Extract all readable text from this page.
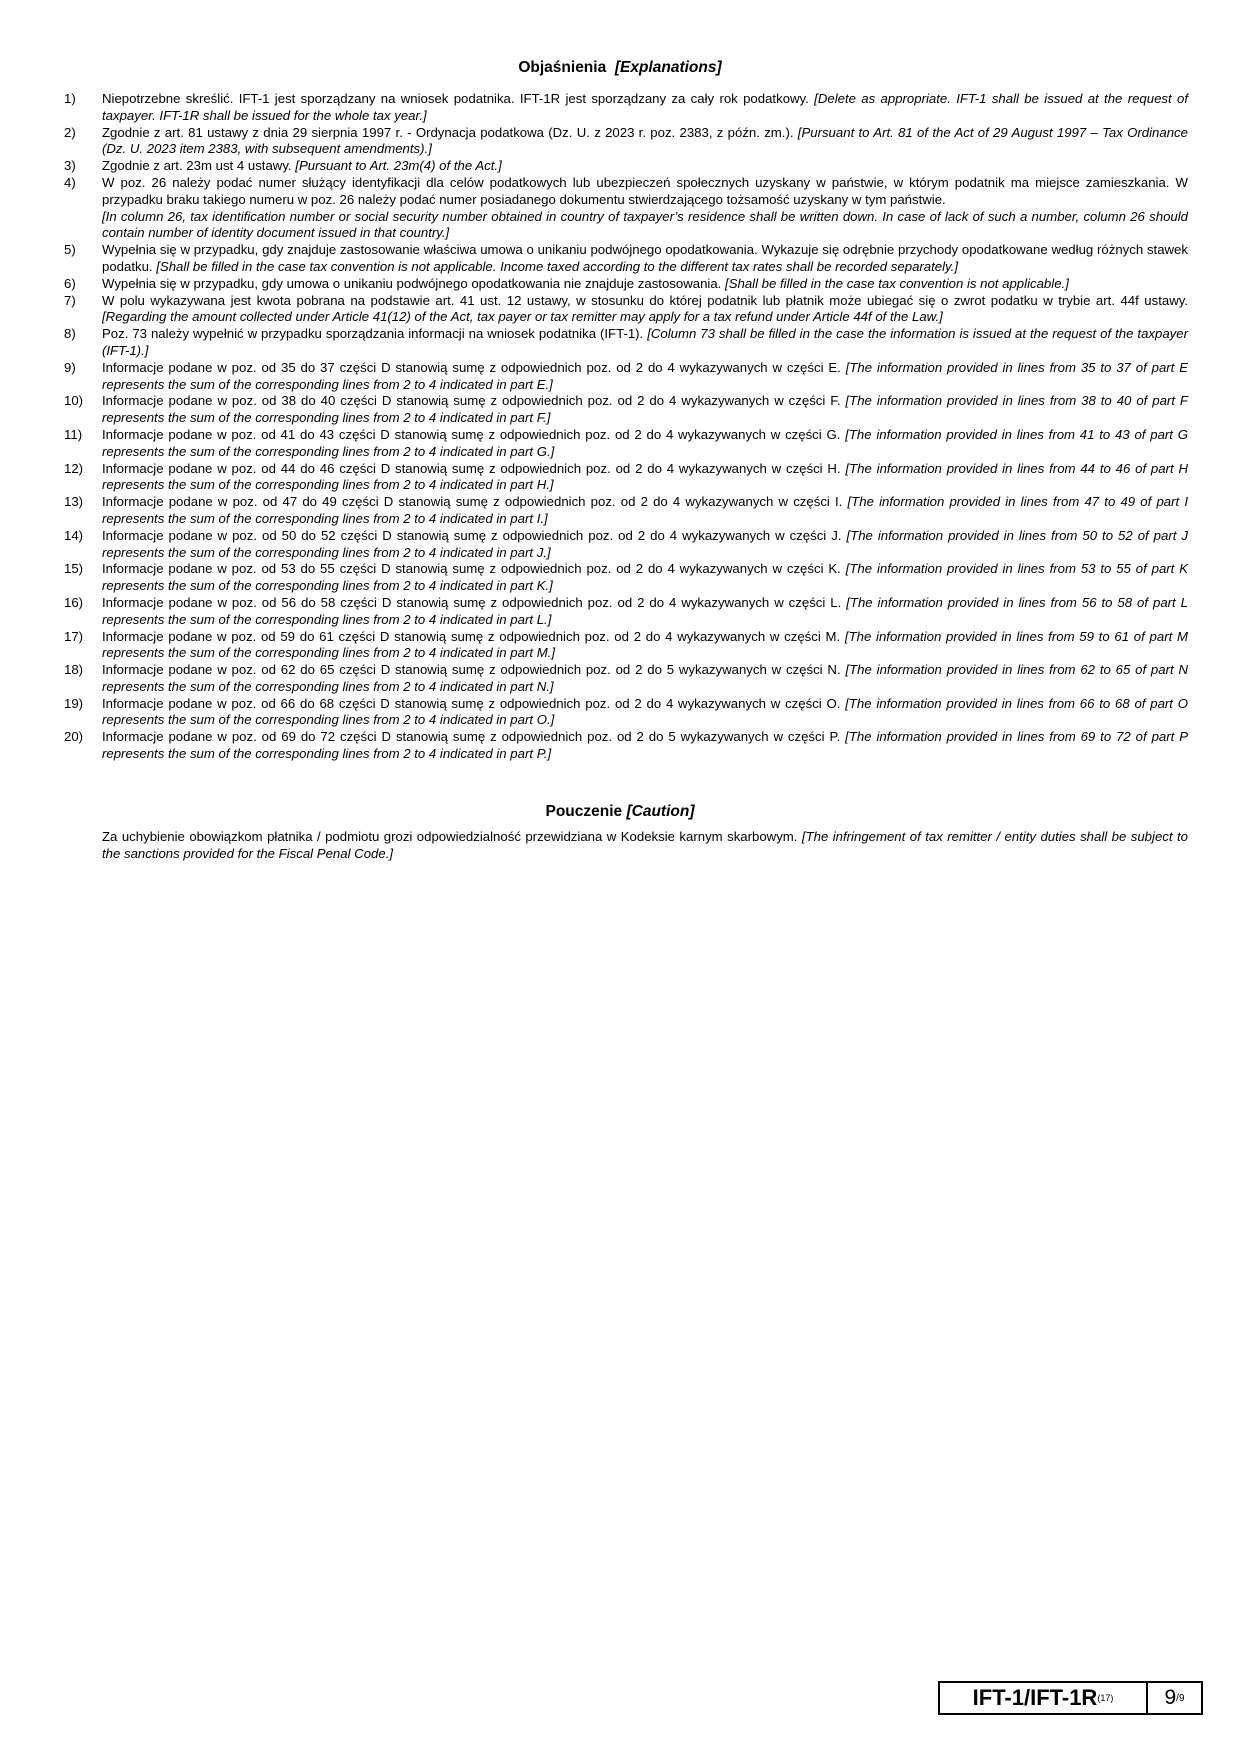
Objaśnienia [Explanations]
1)	Niepotrzebne skreślić. IFT-1 jest sporządzany na wniosek podatnika. IFT-1R jest sporządzany za cały rok podatkowy. [Delete as appropriate. IFT-1 shall be issued at the request of taxpayer. IFT-1R shall be issued for the whole tax year.]
2)	Zgodnie z art. 81 ustawy z dnia 29 sierpnia 1997 r. - Ordynacja podatkowa (Dz. U. z 2023 r. poz. 2383, z późn. zm.). [Pursuant to Art. 81 of the Act of 29 August 1997 – Tax Ordinance (Dz. U. 2023 item 2383, with subsequent amendments).]
3)	Zgodnie z art. 23m ust 4 ustawy. [Pursuant to Art. 23m(4) of the Act.]
4)	W poz. 26 należy podać numer służący identyfikacji dla celów podatkowych lub ubezpieczeń społecznych uzyskany w państwie, w którym podatnik ma miejsce zamieszkania. W przypadku braku takiego numeru w poz. 26 należy podać numer posiadanego dokumentu stwierdzającego tożsamość uzyskany w tym państwie.
[In column 26, tax identification number or social security number obtained in country of taxpayer’s residence shall be written down. In case of lack of such a number, column 26 should contain number of identity document issued in that country.]
5)	Wypełnia się w przypadku, gdy znajduje zastosowanie właściwa umowa o unikaniu podwójnego opodatkowania. Wykazuje się odrębnie przychody opodatkowane według różnych stawek podatku. [Shall be filled in the case tax convention is not applicable. Income taxed according to the different tax rates shall be recorded separately.]
6)	Wypełnia się w przypadku, gdy umowa o unikaniu podwójnego opodatkowania nie znajduje zastosowania. [Shall be filled in the case tax convention is not applicable.]
7)	W polu wykazywana jest kwota pobrana na podstawie art. 41 ust. 12 ustawy, w stosunku do której podatnik lub płatnik może ubiegać się o zwrot podatku w trybie art. 44f ustawy. [Regarding the amount collected under Article 41(12) of the Act, tax payer or tax remitter may apply for a tax refund under Article 44f of the Law.]
8)	Poz. 73 należy wypełnić w przypadku sporządzania informacji na wniosek podatnika (IFT-1). [Column 73 shall be filled in the case the information is issued at the request of the taxpayer (IFT-1).]
9)	Informacje podane w poz. od 35 do 37 części D stanowią sumę z odpowiednich poz. od 2 do 4 wykazywanych w części E. [The information provided in lines from 35 to 37 of part E represents the sum of the corresponding lines from 2 to 4 indicated in part E.]
10)	Informacje podane w poz. od 38 do 40 części D stanowią sumę z odpowiednich poz. od 2 do 4 wykazywanych w części F. [The information provided in lines from 38 to 40 of part F represents the sum of the corresponding lines from 2 to 4 indicated in part F.]
11)	Informacje podane w poz. od 41 do 43 części D stanowią sumę z odpowiednich poz. od 2 do 4 wykazywanych w części G. [The information provided in lines from 41 to 43 of part G represents the sum of the corresponding lines from 2 to 4 indicated in part G.]
12)	Informacje podane w poz. od 44 do 46 części D stanowią sumę z odpowiednich poz. od 2 do 4 wykazywanych w części H. [The information provided in lines from 44 to 46 of part H represents the sum of the corresponding lines from 2 to 4 indicated in part H.]
13)	Informacje podane w poz. od 47 do 49 części D stanowią sumę z odpowiednich poz. od 2 do 4 wykazywanych w części I. [The information provided in lines from 47 to 49 of part I represents the sum of the corresponding lines from 2 to 4 indicated in part I.]
14)	Informacje podane w poz. od 50 do 52 części D stanowią sumę z odpowiednich poz. od 2 do 4 wykazywanych w części J. [The information provided in lines from 50 to 52 of part J represents the sum of the corresponding lines from 2 to 4 indicated in part J.]
15)	Informacje podane w poz. od 53 do 55 części D stanowią sumę z odpowiednich poz. od 2 do 4 wykazywanych w części K. [The information provided in lines from 53 to 55 of part K represents the sum of the corresponding lines from 2 to 4 indicated in part K.]
16)	Informacje podane w poz. od 56 do 58 części D stanowią sumę z odpowiednich poz. od 2 do 4 wykazywanych w części L. [The information provided in lines from 56 to 58 of part L represents the sum of the corresponding lines from 2 to 4 indicated in part L.]
17)	Informacje podane w poz. od 59 do 61 części D stanowią sumę z odpowiednich poz. od 2 do 4 wykazywanych w części M. [The information provided in lines from 59 to 61 of part M represents the sum of the corresponding lines from 2 to 4 indicated in part M.]
18)	Informacje podane w poz. od 62 do 65 części D stanowią sumę z odpowiednich poz. od 2 do 5 wykazywanych w części N. [The information provided in lines from 62 to 65 of part N represents the sum of the corresponding lines from 2 to 4 indicated in part N.]
19)	Informacje podane w poz. od 66 do 68 części D stanowią sumę z odpowiednich poz. od 2 do 4 wykazywanych w części O. [The information provided in lines from 66 to 68 of part O represents the sum of the corresponding lines from 2 to 4 indicated in part O.]
20)	Informacje podane w poz. od 69 do 72 części D stanowią sumę z odpowiednich poz. od 2 do 5 wykazywanych w części P. [The information provided in lines from 69 to 72 of part P represents the sum of the corresponding lines from 2 to 4 indicated in part P.]
Pouczenie [Caution]
Za uchybienie obowiązkom płatnika / podmiotu grozi odpowiedzialność przewidziana w Kodeksie karnym skarbowym. [The infringement of tax remitter / entity duties shall be subject to the sanctions provided for the Fiscal Penal Code.]
IFT-1/IFT-1R (17) 9 /9
